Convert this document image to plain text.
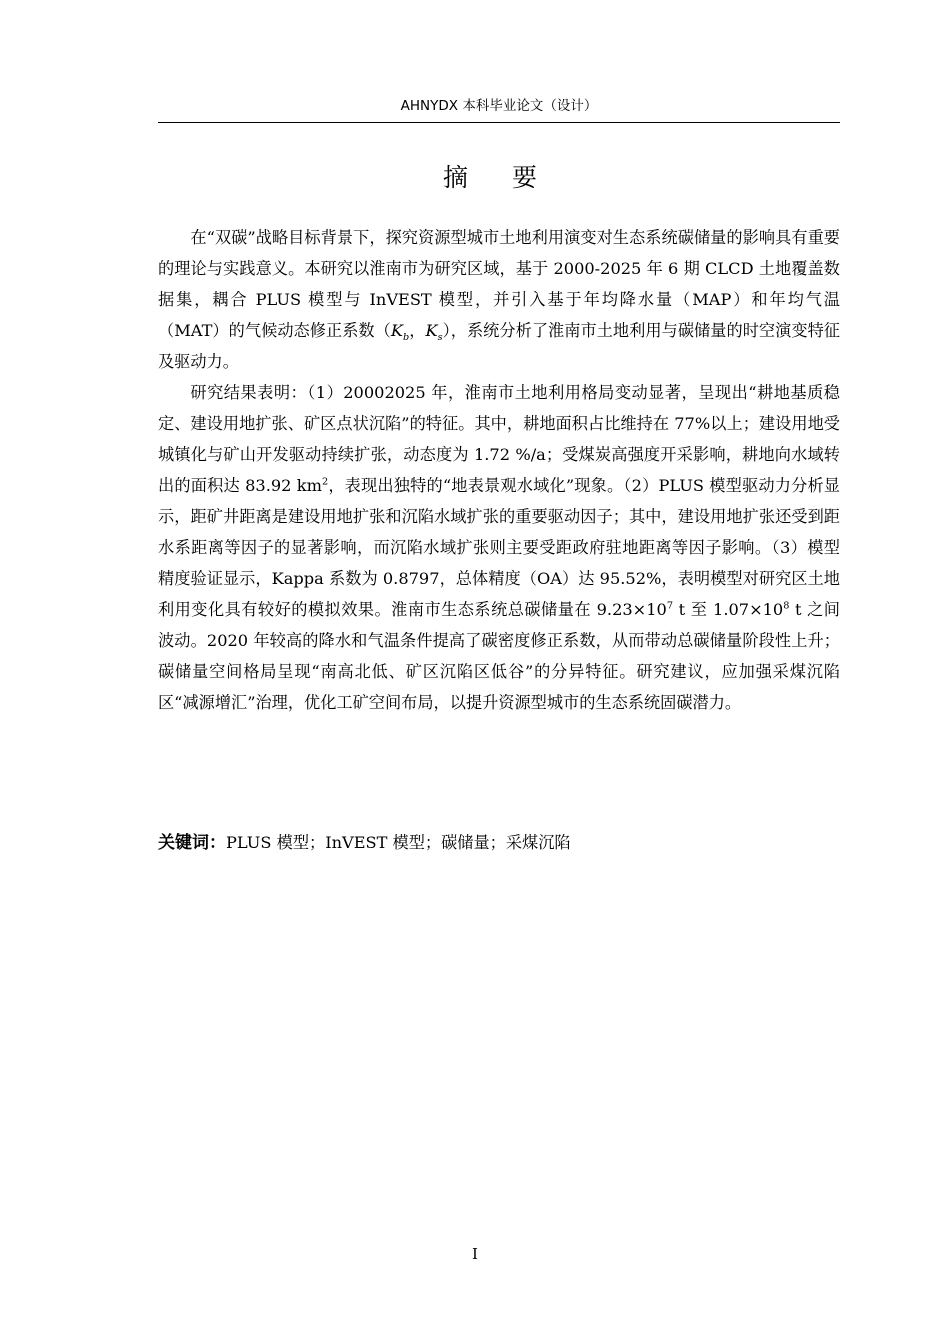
AHNYDX 本科毕业论文（设计）
摘 要

在“双碳”战略目标背景下，探究资源型城市土地利用演变对生态系统碳储量的影响具有重要的理论与实践意义。本研究以淮南市为研究区域，基于 2000-2025 年 6 期 CLCD 土地覆盖数据集，耦合 PLUS 模型与 InVEST 模型，并引入基于年均降水量（MAP）和年均气温（MAT）的气候动态修正系数（$K_b$，$K_s$），系统分析了淮南市土地利用与碳储量的时空演变特征及驱动力。

研究结果表明：（1）20002025 年，淮南市土地利用格局变动显著，呈现出“耕地基质稳定、建设用地扩张、矿区点状沉陷”的特征。其中，耕地面积占比维持在 77%以上；建设用地受城镇化与矿山开发驱动持续扩张，动态度为 1.72 %/a；受煤炭高强度开采影响，耕地向水域转出的面积达 83.92 $km^2$，表现出独特的“地表景观水域化”现象。（2）PLUS 模型驱动力分析显示，距矿井距离是建设用地扩张和沉陷水域扩张的重要驱动因子；其中，建设用地扩张还受到距水系距离等因子的显著影响，而沉陷水域扩张则主要受距政府驻地距离等因子影响。（3）模型精度验证显示，Kappa 系数为 0.8797，总体精度（OA）达 95.52%，表明模型对研究区土地利用变化具有较好的模拟效果。淮南市生态系统总碳储量在 $9.23\times 10^7$ t 至 $1.07\times 10^8$ t 之间波动。2020 年较高的降水和气温条件提高了碳密度修正系数，从而带动总碳储量阶段性上升；碳储量空间格局呈现“南高北低、矿区沉陷区低谷”的分异特征。研究建议，应加强采煤沉陷区“减源增汇”治理，优化工矿空间布局，以提升资源型城市的生态系统固碳潜力。

关键词：PLUS 模型；InVEST 模型；碳储量；采煤沉陷
I
